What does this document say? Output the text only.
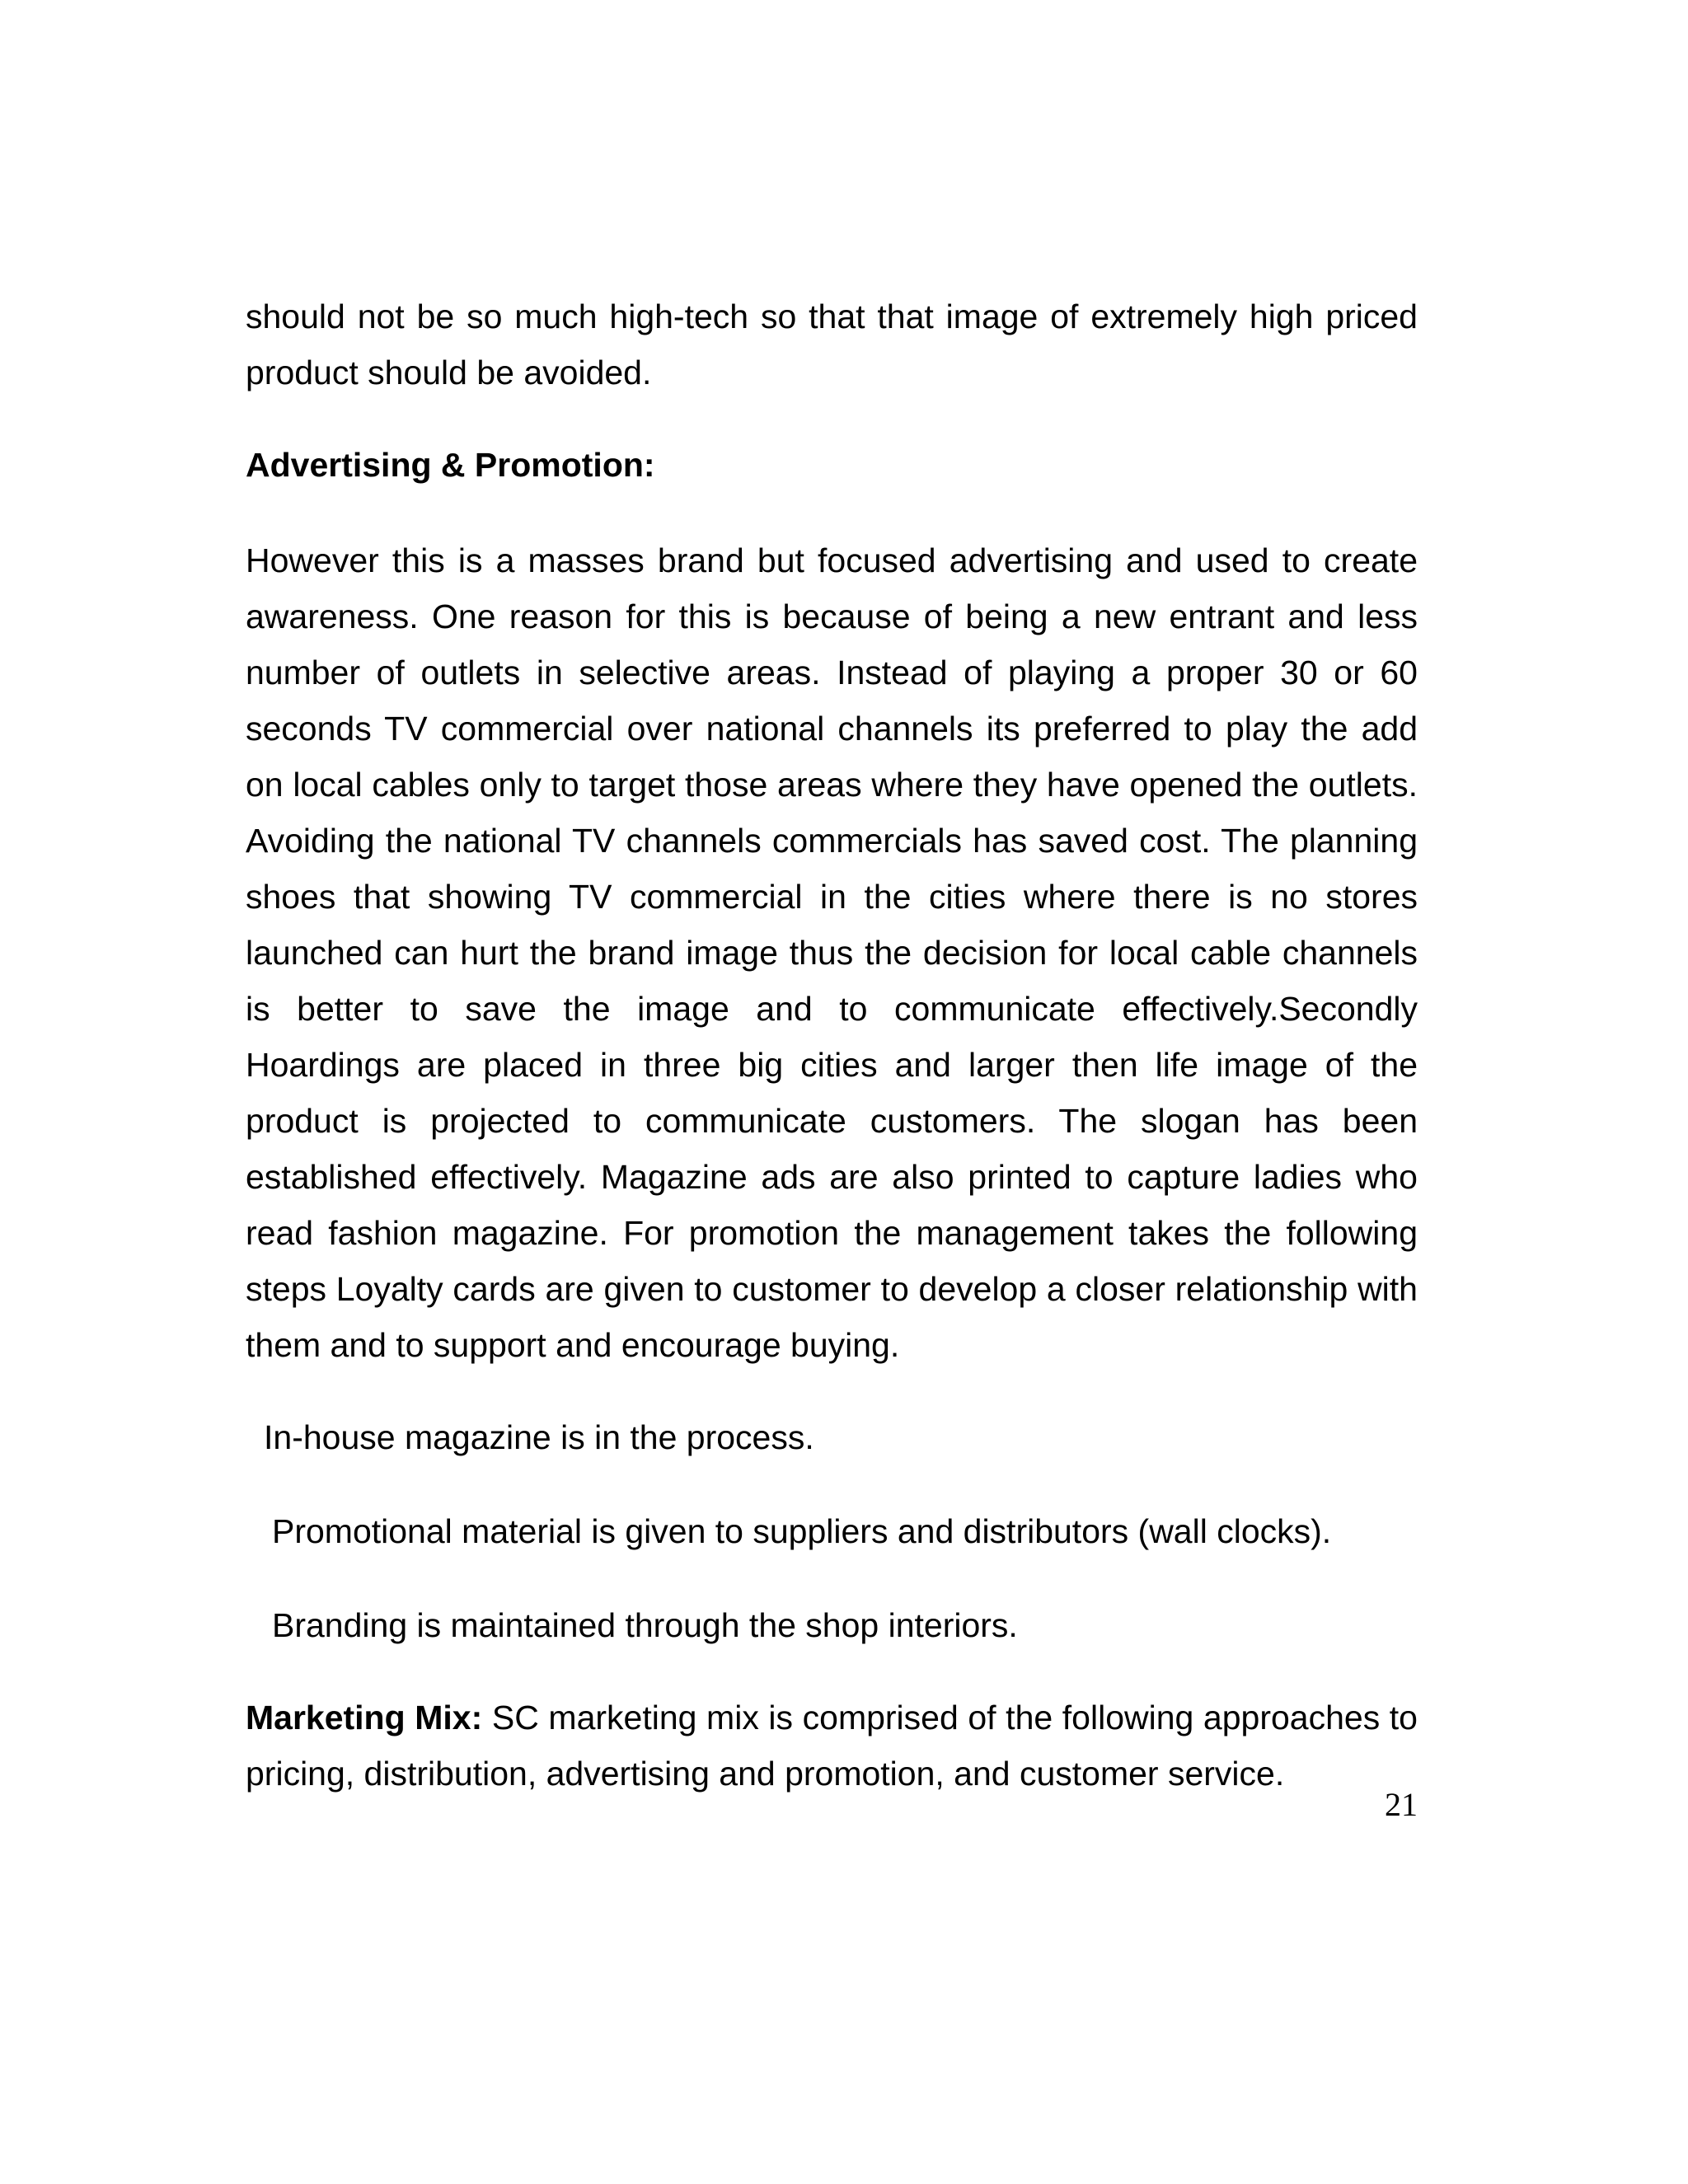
should not be so much high-tech so that that image of extremely high priced product should be avoided.

Advertising & Promotion:

However this is a masses brand but focused advertising and used to create awareness. One reason for this is because of being a new entrant and less number of outlets in selective areas. Instead of playing a proper 30 or 60 seconds TV commercial over national channels its preferred to play the add on local cables only to target those areas where they have opened the outlets. Avoiding the national TV channels commercials has saved cost. The planning shoes that showing TV commercial in the cities where there is no stores launched can hurt the brand image thus the decision for local cable channels is better to save the image and to communicate effectively.Secondly Hoardings are placed in three big cities and larger then life image of the product is projected to communicate customers. The slogan has been established effectively. Magazine ads are also printed to capture ladies who read fashion magazine. For promotion the management takes the following steps Loyalty cards are given to customer to develop a closer relationship with them and to support and encourage buying.

In-house magazine is in the process.

Promotional material is given to suppliers and distributors (wall clocks).

Branding is maintained through the shop interiors.

Marketing Mix: SC marketing mix is comprised of the following approaches to pricing, distribution, advertising and promotion, and customer service.

21
